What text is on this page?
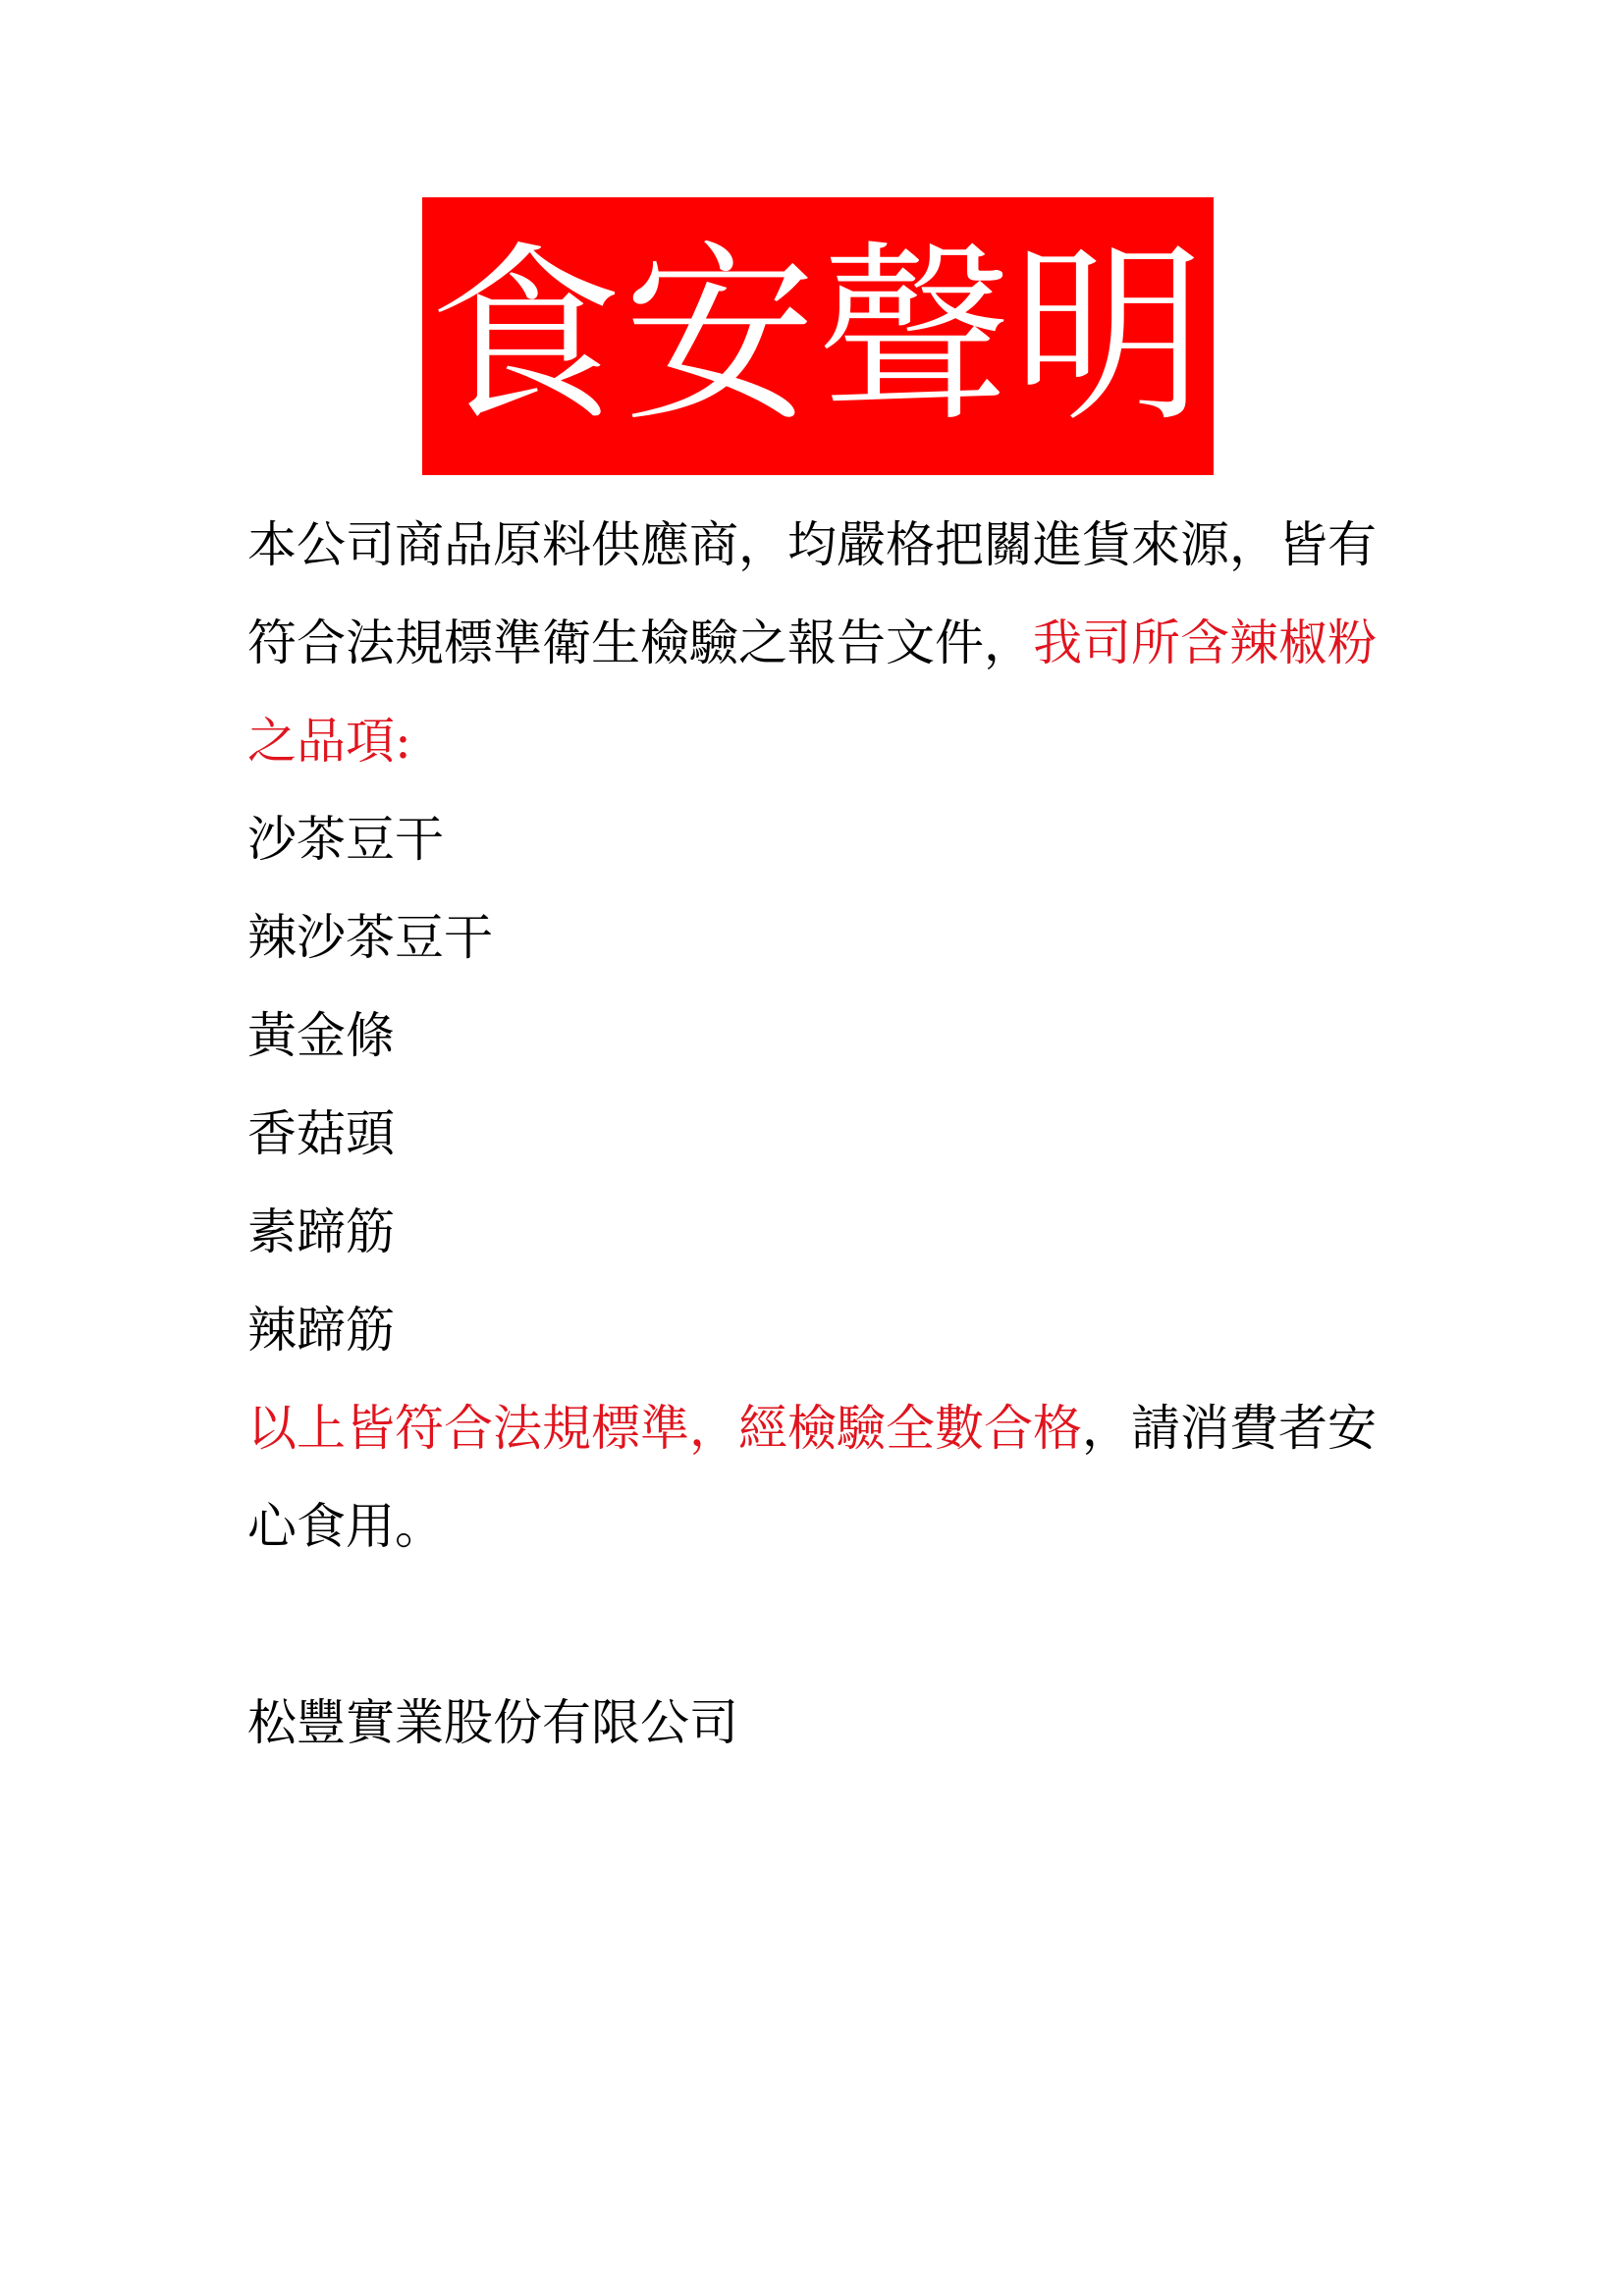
食安聲明
本公司商品原料供應商，均嚴格把關進貨來源，皆有
符合法規標準衛生檢驗之報告文件，我司所含辣椒粉
之品項:
沙茶豆干
辣沙茶豆干
黃金條
香菇頭
素蹄筋
辣蹄筋
以上皆符合法規標準，經檢驗全數合格，請消費者安
心食用。
松豐實業股份有限公司
